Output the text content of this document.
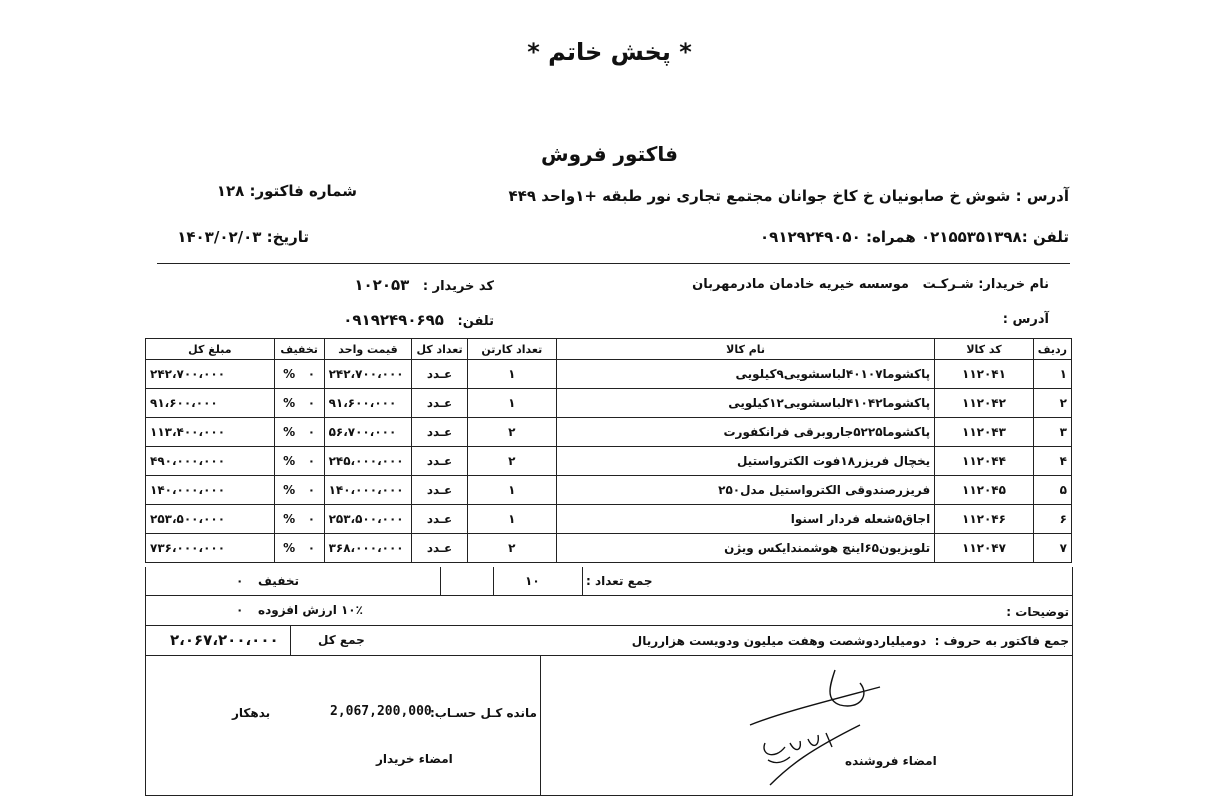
* پخش خاتم *
فاکتور فروش
آدرس : شوش خ صابونیان خ کاخ جوانان مجتمع تجاری نور طبقه +۱واحد ۴۴۹
تلفن :۰۲۱۵۵۳۵۱۳۹۸ همراه: ۰۹۱۲۹۲۴۹۰۵۰
شماره فاکتور: ۱۲۸
تاریخ: ۱۴۰۳/۰۲/۰۳
نام خریدار: شـرکـت   موسسه خیریه خادمان مادرمهربان
کد خریدار :   ۱۰۲۰۵۳
آدرس :
تلفن:   ۰۹۱۹۲۴۹۰۶۹۵
ردیف	کد کالا	نام کالا	تعداد کارتن	تعداد کل	قیمت واحد	تخفیف	مبلغ کل
۱	۱۱۲۰۴۱	پاکشوما۴۰۱۰۷لباسشویی۹کیلویی	۱	عـدد	۲۴۲،۷۰۰،۰۰۰	۰   %	۲۴۲،۷۰۰،۰۰۰
۲	۱۱۲۰۴۲	پاکشوما۴۱۰۴۲لباسشویی۱۲کیلویی	۱	عـدد	۹۱،۶۰۰،۰۰۰	۰   %	۹۱،۶۰۰،۰۰۰
۳	۱۱۲۰۴۳	پاکشوما۵۲۲۵جاروبرقی فرانکفورت	۲	عـدد	۵۶،۷۰۰،۰۰۰	۰   %	۱۱۳،۴۰۰،۰۰۰
۴	۱۱۲۰۴۴	یخچال فریزر۱۸فوت الکترواستیل	۲	عـدد	۲۴۵،۰۰۰،۰۰۰	۰   %	۴۹۰،۰۰۰،۰۰۰
۵	۱۱۲۰۴۵	فریزرصندوقی الکترواستیل مدل۲۵۰	۱	عـدد	۱۴۰،۰۰۰،۰۰۰	۰   %	۱۴۰،۰۰۰،۰۰۰
۶	۱۱۲۰۴۶	اجاق۵شعله فردار اسنوا	۱	عـدد	۲۵۳،۵۰۰،۰۰۰	۰   %	۲۵۳،۵۰۰،۰۰۰
۷	۱۱۲۰۴۷	تلویزیون۶۵اینچ هوشمندایکس ویژن	۲	عـدد	۳۶۸،۰۰۰،۰۰۰	۰   %	۷۳۶،۰۰۰،۰۰۰
جمع تعداد :
۱۰
تخفیف
۰
۱۰٪ ارزش افزوده
۰	توضیحات :
جمع فاکتور به حروف :  دومیلیاردوشصت وهفت میلیون ودویست هزارریال
جمع کل
۲،۰۶۷،۲۰۰،۰۰۰
مانده کـل حسـاب:
2,067,200,000
بدهکار
امضاء خریدار	امضاء فروشنده
